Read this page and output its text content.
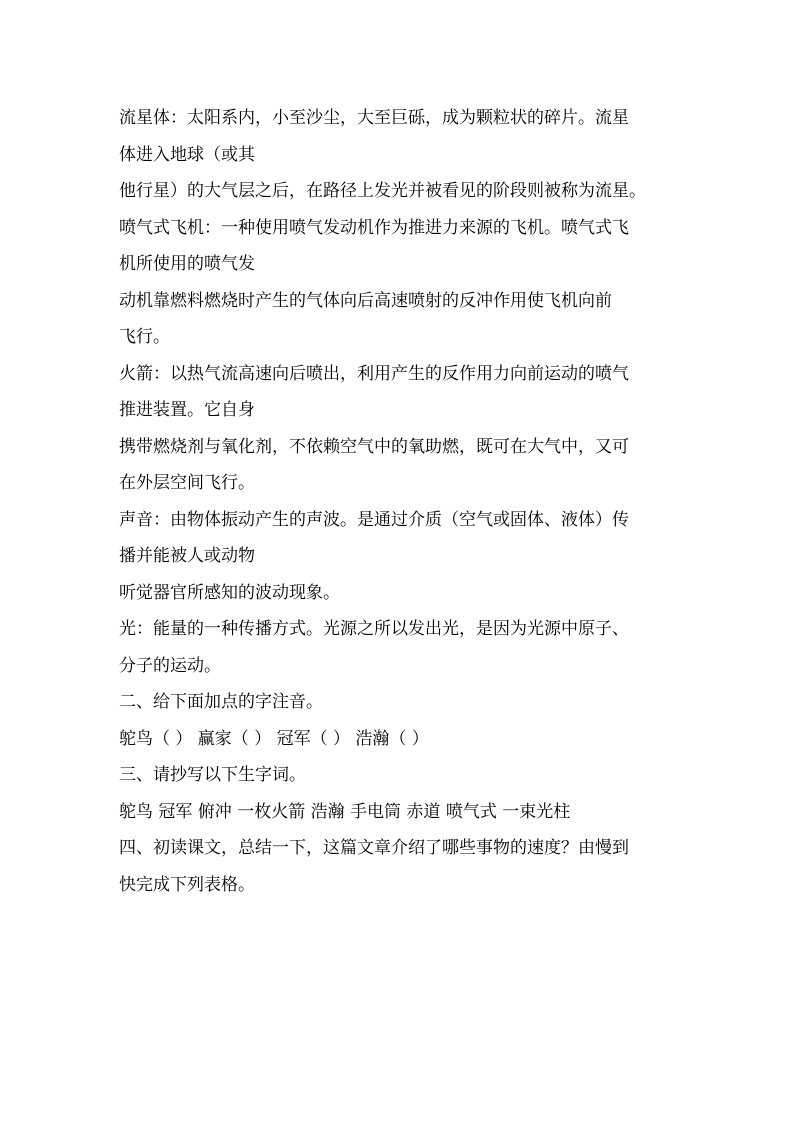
流星体：太阳系内，小至沙尘，大至巨砾，成为颗粒状的碎片。流星
体进入地球（或其
他行星）的大气层之后，在路径上发光并被看见的阶段则被称为流星。
喷气式飞机：一种使用喷气发动机作为推进力来源的飞机。喷气式飞
机所使用的喷气发
动机靠燃料燃烧时产生的气体向后高速喷射的反冲作用使飞机向前
飞行。
火箭：以热气流高速向后喷出，利用产生的反作用力向前运动的喷气
推进装置。它自身
携带燃烧剂与氧化剂，不依赖空气中的氧助燃，既可在大气中，又可
在外层空间飞行。
声音：由物体振动产生的声波。是通过介质（空气或固体、液体）传
播并能被人或动物
听觉器官所感知的波动现象。
光：能量的一种传播方式。光源之所以发出光，是因为光源中原子、
分子的运动。
二、给下面加点的字注音。
鸵鸟（ ） 赢家（ ） 冠军（ ） 浩瀚（ ）
三、请抄写以下生字词。
鸵鸟 冠军 俯冲 一枚火箭 浩瀚 手电筒 赤道 喷气式 一束光柱
四、初读课文，总结一下，这篇文章介绍了哪些事物的速度？由慢到
快完成下列表格。
